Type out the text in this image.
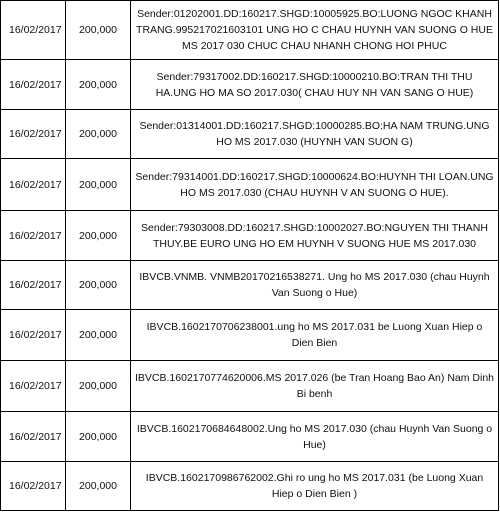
16/02/2017	200,000	Sender:01202001.DD:160217.SHGD:10005925.BO:LUONG NGOC KHANH TRANG.995217021603101 UNG HO C CHAU HUYNH VAN SUONG O HUE MS 2017 030 CHUC CHAU NHANH CHONG HOI PHUC
16/02/2017	200,000	Sender:79317002.DD:160217.SHGD:10000210.BO:TRAN THI THU HA.UNG HO MA SO 2017.030( CHAU HUY NH VAN SANG O HUE)
16/02/2017	200,000	Sender:01314001.DD:160217.SHGD:10000285.BO:HA NAM TRUNG.UNG HO MS 2017.030 (HUYNH VAN SUON G)
16/02/2017	200,000	Sender:79314001.DD:160217.SHGD:10000624.BO:HUYNH THI LOAN.UNG HO MS 2017.030 (CHAU HUYNH V AN SUONG O HUE).
16/02/2017	200,000	Sender:79303008.DD:160217.SHGD:10002027.BO:NGUYEN THI THANH THUY.BE EURO UNG HO EM HUYNH V SUONG HUE MS 2017.030
16/02/2017	200,000	IBVCB.VNMB. VNMB20170216538271. Ung ho MS 2017.030 (chau Huynh Van Suong o Hue)
16/02/2017	200,000	IBVCB.1602170706238001.ung ho MS 2017.031 be Luong Xuan Hiep o Dien Bien
16/02/2017	200,000	IBVCB.1602170774620006.MS 2017.026 (be Tran Hoang Bao An) Nam Dinh Bi benh
16/02/2017	200,000	IBVCB.1602170684648002.Ung ho MS 2017.030 (chau Huynh Van Suong o Hue)
16/02/2017	200,000	IBVCB.1602170986762002.Ghi ro ung ho MS 2017.031 (be Luong Xuan Hiep o Dien Bien )
